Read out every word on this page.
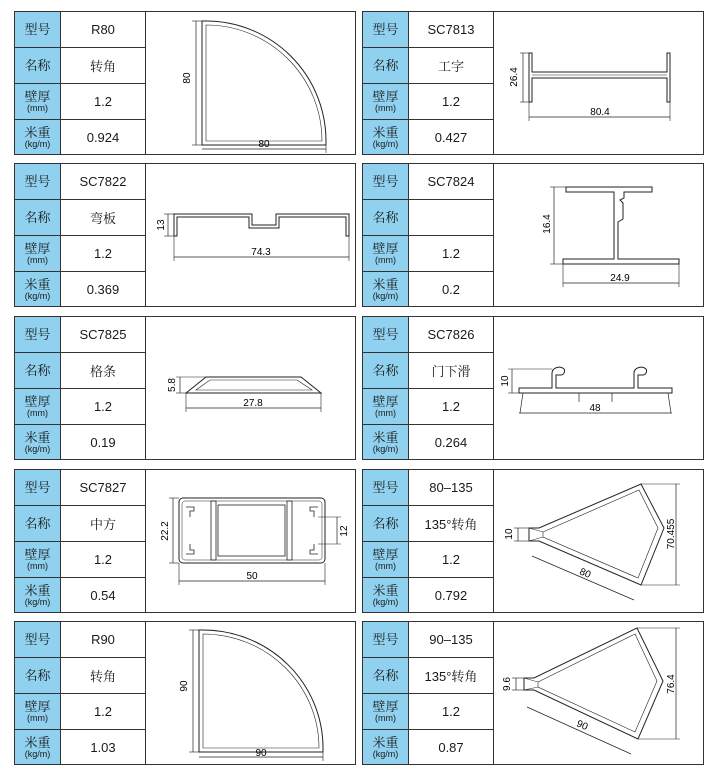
型号	R80
名称	转角
壁厚
(mm)	1.2
米重
(kg/m)	0.924
80
80
型号 SC7813
名称	工字
壁厚
(mm)	1.2
米重
(kg/m)	0.427
26.4
80.4
型号 SC7822
名称	弯板
壁厚
(mm)	1.2
米重
(kg/m)	0.369
13
74.3
型号 SC7824
名称
壁厚
(mm)	1.2
米重
(kg/m)	0.2
16.4
24.9
型号 SC7825
名称	格条
壁厚
(mm)	1.2
米重
(kg/m)	0.19
5.8
27.8
型号 SC7826
名称	门下滑
壁厚
(mm)	1.2
米重
(kg/m)	0.264
10
48
型号 SC7827
名称	中方
壁厚
(mm)	1.2
米重
(kg/m)	0.54
22.2	12
50
型号 80–135
名称 135°转角
壁厚
(mm)	1.2
米重
(kg/m)	0.792
10	70.455
80
型号	R90
名称	转角
壁厚
(mm)	1.2
米重
(kg/m)	1.03
90
90
型号 90–135
名称 135°转角
壁厚
(mm)	1.2
米重
(kg/m)	0.87
9.6	76.4
90
